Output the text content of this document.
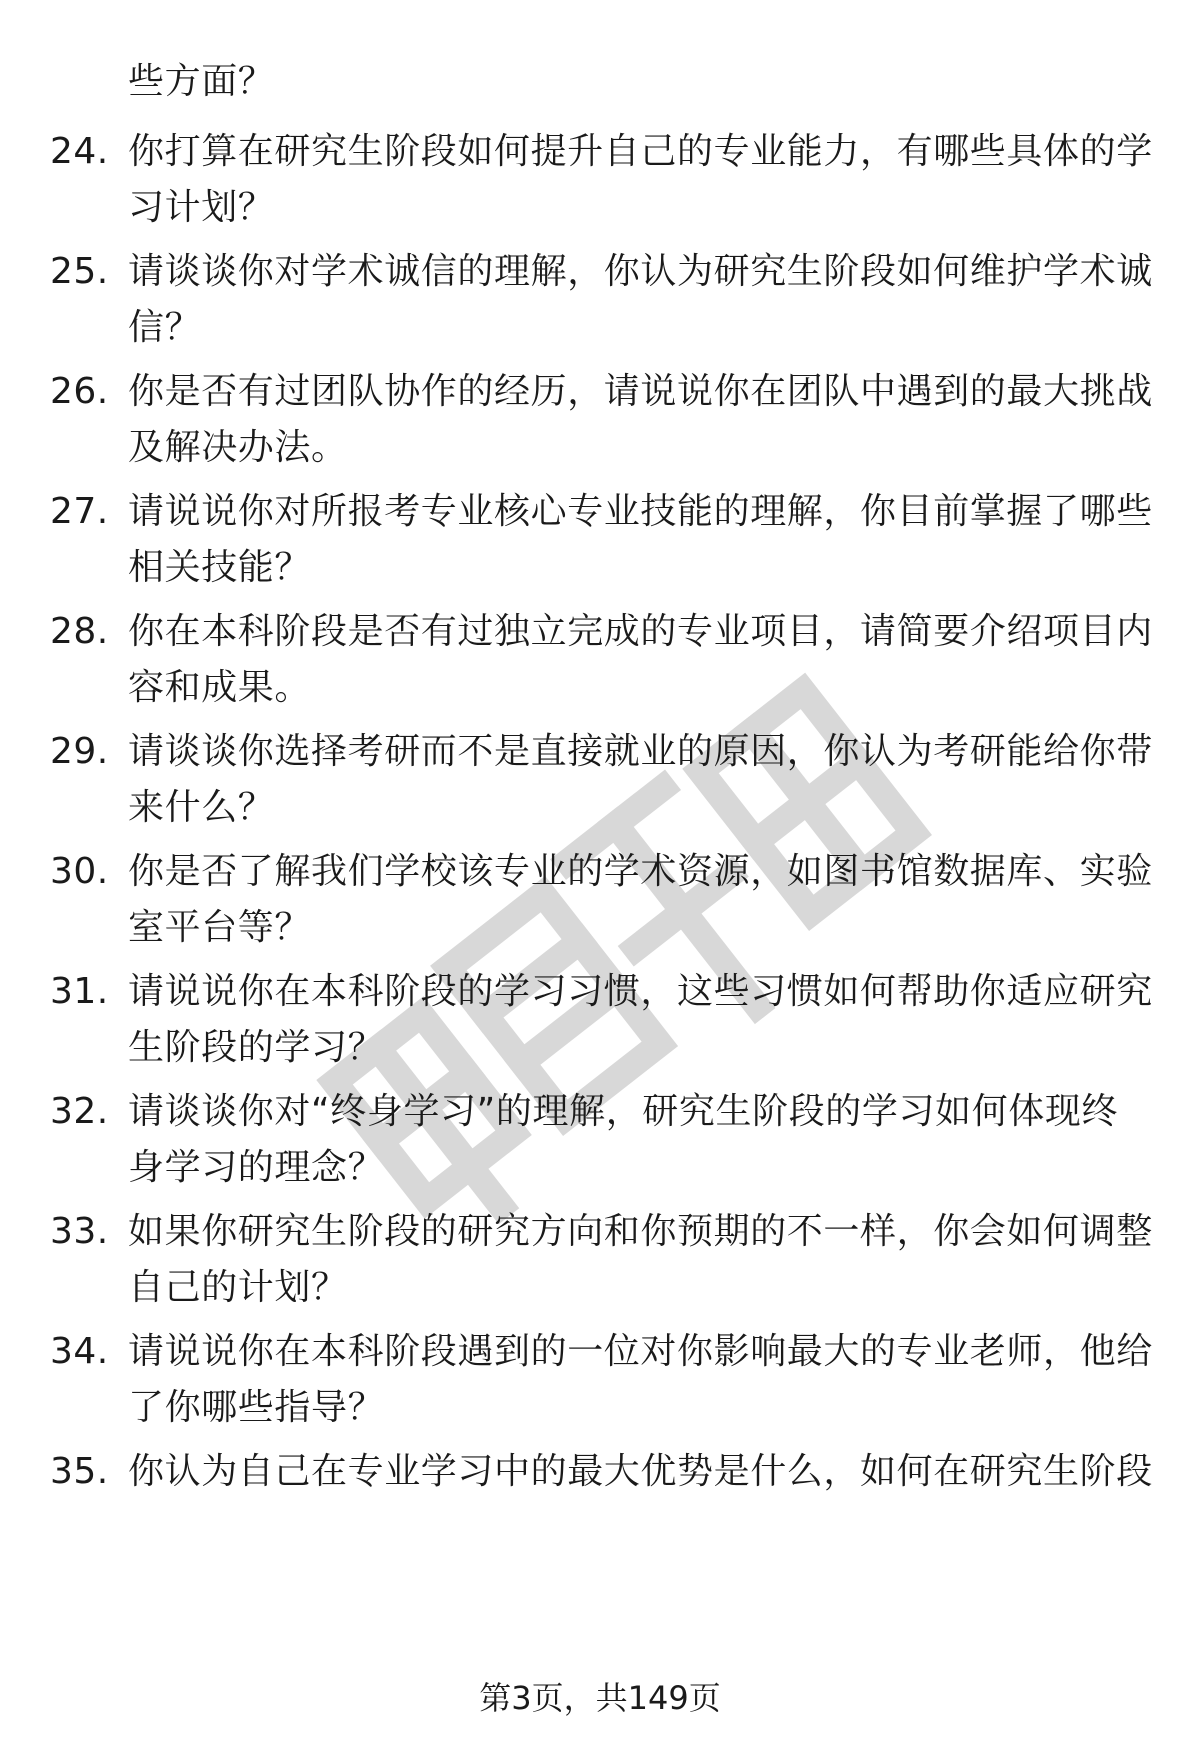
些方面？
24. 你打算在研究生阶段如何提升自己的专业能力，有哪些具体的学
习计划？
25. 请谈谈你对学术诚信的理解，你认为研究生阶段如何维护学术诚
信？
26. 你是否有过团队协作的经历，请说说你在团队中遇到的最大挑战
及解决办法。
27. 请说说你对所报考专业核心专业技能的理解，你目前掌握了哪些
相关技能？
28. 你在本科阶段是否有过独立完成的专业项目，请简要介绍项目内
容和成果。
29. 请谈谈你选择考研而不是直接就业的原因，你认为考研能给你带
来什么？
30. 你是否了解我们学校该专业的学术资源，如图书馆数据库、实验
室平台等？
31. 请说说你在本科阶段的学习习惯，这些习惯如何帮助你适应研究
生阶段的学习？
32. 请谈谈你对“终身学习”的理解，研究生阶段的学习如何体现终
身学习的理念？
33. 如果你研究生阶段的研究方向和你预期的不一样，你会如何调整
自己的计划？
34. 请说说你在本科阶段遇到的一位对你影响最大的专业老师，他给
了你哪些指导？
35. 你认为自己在专业学习中的最大优势是什么，如何在研究生阶段
第3页，共149页
